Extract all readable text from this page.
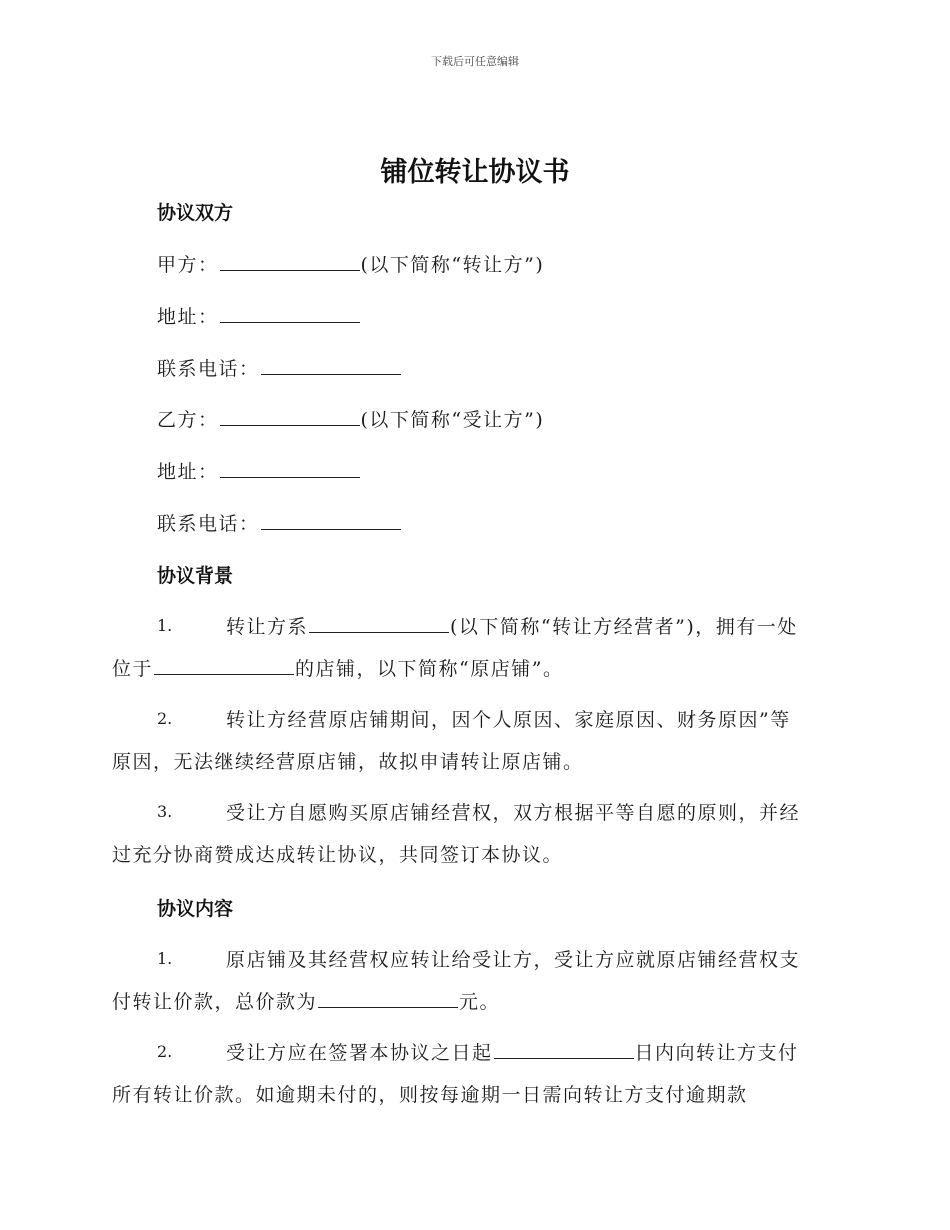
下载后可任意编辑
铺位转让协议书
协议双方
甲方：	(以下简称“转让方”)
地址：
联系电话：
乙方：	(以下简称“受让方”)
地址：
联系电话：
协议背景
1.	转让方系	(以下简称“转让方经营者”)，拥有一处
位于	的店铺，以下简称“原店铺”。
2.	转让方经营原店铺期间，因个人原因、家庭原因、财务原因”等
原因，无法继续经营原店铺，故拟申请转让原店铺。
3.	受让方自愿购买原店铺经营权，双方根据平等自愿的原则，并经
过充分协商赞成达成转让协议，共同签订本协议。
协议内容
1.	原店铺及其经营权应转让给受让方，受让方应就原店铺经营权支
付转让价款，总价款为	元。
2.	受让方应在签署本协议之日起	日内向转让方支付
所有转让价款。如逾期未付的，则按每逾期一日需向转让方支付逾期款
